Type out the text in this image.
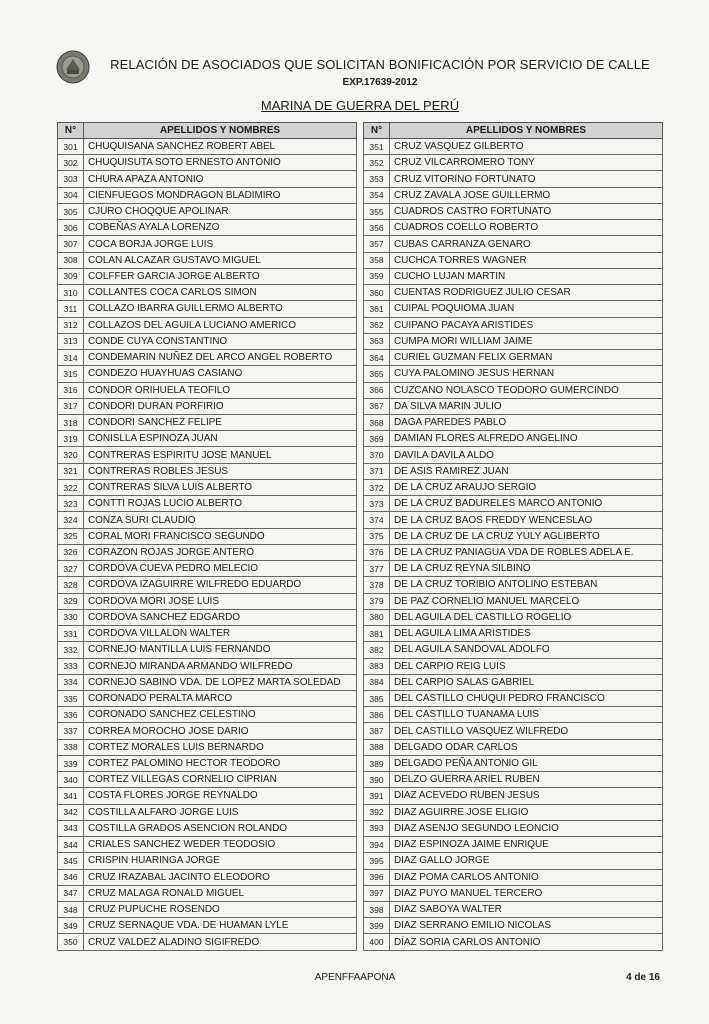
RELACIÓN DE ASOCIADOS QUE SOLICITAN BONIFICACIÓN POR SERVICIO DE CALLE
EXP.17639-2012
MARINA DE GUERRA DEL PERÚ
N°	APELLIDOS Y NOMBRES
301	CHUQUISANA SANCHEZ ROBERT ABEL
302	CHUQUISUTA SOTO ERNESTO ANTONIO
303	CHURA APAZA ANTONIO
304	CIENFUEGOS MONDRAGON BLADIMIRO
305	CJURO CHOQQUE APOLINAR
306	COBEÑAS AYALA LORENZO
307	COCA BORJA JORGE LUIS
308	COLAN ALCAZAR GUSTAVO MIGUEL
309	COLFFER GARCIA JORGE ALBERTO
310	COLLANTES COCA CARLOS SIMON
311	COLLAZO IBARRA GUILLERMO ALBERTO
312	COLLAZOS DEL AGUILA LUCIANO AMERICO
313	CONDE CUYA CONSTANTINO
314	CONDEMARIN NUÑEZ DEL ARCO ANGEL ROBERTO
315	CONDEZO HUAYHUAS CASIANO
316	CONDOR ORIHUELA TEOFILO
317	CONDORI DURAN PORFIRIO
318	CONDORI SANCHEZ FELIPE
319	CONISLLA ESPINOZA JUAN
320	CONTRERAS ESPIRITU JOSE MANUEL
321	CONTRERAS ROBLES JESUS
322	CONTRERAS SILVA LUIS ALBERTO
323	CONTTI ROJAS LUCIO ALBERTO
324	CONZA SURI CLAUDIO
325	CORAL MORI FRANCISCO SEGUNDO
326	CORAZON ROJAS JORGE ANTERO
327	CORDOVA CUEVA PEDRO MELECIO
328	CORDOVA IZAGUIRRE WILFREDO EDUARDO
329	CORDOVA MORI JOSE LUIS
330	CORDOVA SANCHEZ EDGARDO
331	CORDOVA VILLALON WALTER
332	CORNEJO MANTILLA LUIS FERNANDO
333	CORNEJO MIRANDA ARMANDO WILFREDO
334	CORNEJO SABINO VDA. DE LOPEZ MARTA SOLEDAD
335	CORONADO PERALTA MARCO
336	CORONADO SANCHEZ CELESTINO
337	CORREA MOROCHO JOSE DARIO
338	CORTEZ MORALES LUIS BERNARDO
339	CORTEZ PALOMINO HECTOR TEODORO
340	CORTEZ VILLEGAS CORNELIO CIPRIAN
341	COSTA FLORES JORGE REYNALDO
342	COSTILLA ALFARO JORGE LUIS
343	COSTILLA GRADOS ASENCION ROLANDO
344	CRIALES SANCHEZ WEDER TEODOSIO
345	CRISPIN HUARINGA JORGE
346	CRUZ IRAZABAL JACINTO ELEODORO
347	CRUZ MALAGA RONALD MIGUEL
348	CRUZ PUPUCHE ROSENDO
349	CRUZ SERNAQUE VDA. DE HUAMAN LYLE
350	CRUZ VALDEZ ALADINO SIGIFREDO
N°	APELLIDOS Y NOMBRES
351	CRUZ VASQUEZ GILBERTO
352	CRUZ VILCARROMERO TONY
353	CRUZ VITORINO FORTUNATO
354	CRUZ ZAVALA JOSE GUILLERMO
355	CUADROS CASTRO FORTUNATO
356	CUADROS COELLO ROBERTO
357	CUBAS CARRANZA GENARO
358	CUCHCA TORRES WAGNER
359	CUCHO LUJAN MARTIN
360	CUENTAS RODRIGUEZ JULIO CESAR
361	CUIPAL POQUIOMA JUAN
362	CUIPANO PACAYA ARISTIDES
363	CUMPA MORI WILLIAM JAIME
364	CURIEL GUZMAN FELIX GERMAN
365	CUYA PALOMINO JESUS HERNAN
366	CUZCANO NOLASCO TEODORO GUMERCINDO
367	DA SILVA MARIN JULIO
368	DAGA PAREDES PABLO
369	DAMIAN FLORES ALFREDO ANGELINO
370	DAVILA DAVILA ALDO
371	DE ASIS RAMIREZ JUAN
372	DE LA CRUZ ARAUJO SERGIO
373	DE LA CRUZ BADURELES MARCO ANTONIO
374	DE LA CRUZ BAOS FREDDY WENCESLAO
375	DE LA CRUZ DE LA CRUZ YULY AGLIBERTO
376	DE LA CRUZ PANIAGUA VDA DE ROBLES ADELA E.
377	DE LA CRUZ REYNA SILBINO
378	DE LA CRUZ TORIBIO ANTOLINO ESTEBAN
379	DE PAZ CORNELIO MANUEL MARCELO
380	DEL AGUILA DEL CASTILLO ROGELIO
381	DEL AGUILA LIMA ARISTIDES
382	DEL AGUILA SANDOVAL ADOLFO
383	DEL CARPIO REIG LUIS
384	DEL CARPIO SALAS GABRIEL
385	DEL CASTILLO CHUQUI PEDRO FRANCISCO
386	DEL CASTILLO TUANAMA LUIS
387	DEL CASTILLO VASQUEZ WILFREDO
388	DELGADO ODAR CARLOS
389	DELGADO PEÑA ANTONIO GIL
390	DELZO GUERRA ARIEL RUBEN
391	DIAZ ACEVEDO RUBEN JESUS
392	DIAZ AGUIRRE JOSE ELIGIO
393	DIAZ ASENJO SEGUNDO LEONCIO
394	DIAZ ESPINOZA JAIME ENRIQUE
395	DIAZ GALLO JORGE
396	DIAZ POMA CARLOS ANTONIO
397	DIAZ PUYO MANUEL TERCERO
398	DIAZ SABOYA WALTER
399	DIAZ SERRANO EMILIO NICOLAS
400	DÍAZ SORIA CARLOS ANTONIO
APENFFAAPONA	4 de 16
